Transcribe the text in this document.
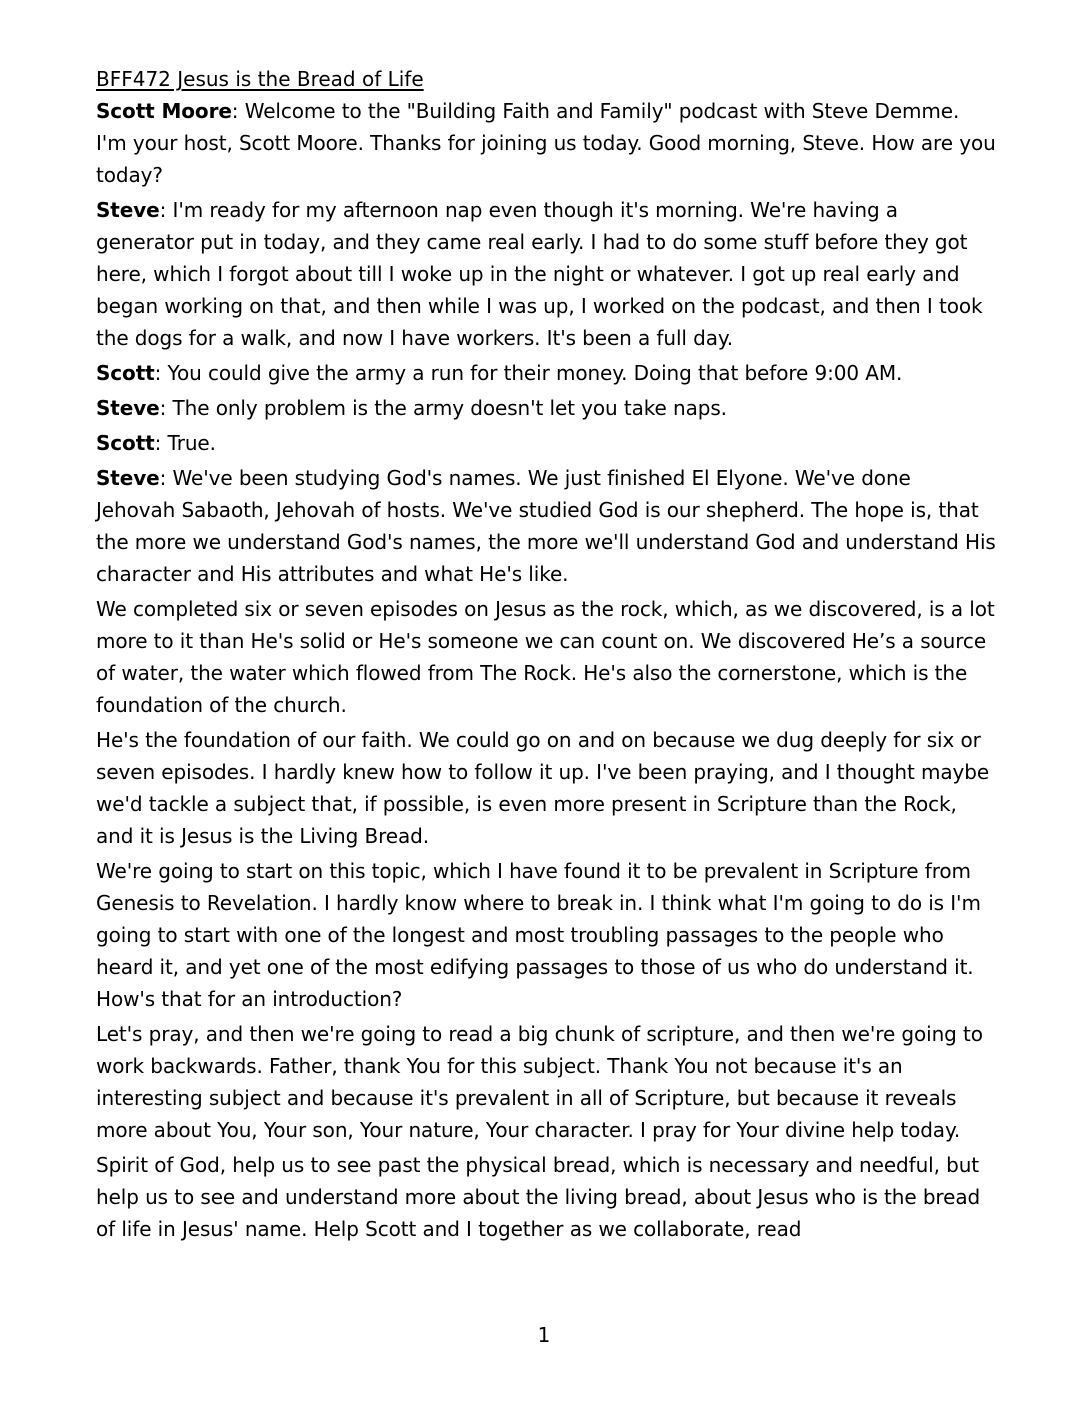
BFF472 Jesus is the Bread of Life

Scott Moore: Welcome to the "Building Faith and Family" podcast with Steve Demme. I'm your host, Scott Moore. Thanks for joining us today. Good morning, Steve. How are you today?

Steve: I'm ready for my afternoon nap even though it's morning. We're having a generator put in today, and they came real early. I had to do some stuff before they got here, which I forgot about till I woke up in the night or whatever. I got up real early and began working on that, and then while I was up, I worked on the podcast, and then I took the dogs for a walk, and now I have workers. It's been a full day.

Scott: You could give the army a run for their money. Doing that before 9:00 AM.

Steve: The only problem is the army doesn't let you take naps.

Scott: True.

Steve: We've been studying God's names. We just finished El Elyone. We've done Jehovah Sabaoth, Jehovah of hosts. We've studied God is our shepherd. The hope is, that the more we understand God's names, the more we'll understand God and understand His character and His attributes and what He's like.

We completed six or seven episodes on Jesus as the rock, which, as we discovered, is a lot more to it than He's solid or He's someone we can count on. We discovered He’s a source of water, the water which flowed from The Rock. He's also the cornerstone, which is the foundation of the church.

He's the foundation of our faith. We could go on and on because we dug deeply for six or seven episodes. I hardly knew how to follow it up. I've been praying, and I thought maybe we'd tackle a subject that, if possible, is even more present in Scripture than the Rock, and it is Jesus is the Living Bread.

We're going to start on this topic, which I have found it to be prevalent in Scripture from Genesis to Revelation. I hardly know where to break in. I think what I'm going to do is I'm going to start with one of the longest and most troubling passages to the people who heard it, and yet one of the most edifying passages to those of us who do understand it. How's that for an introduction?

Let's pray, and then we're going to read a big chunk of scripture, and then we're going to work backwards. Father, thank You for this subject. Thank You not because it's an interesting subject and because it's prevalent in all of Scripture, but because it reveals more about You, Your son, Your nature, Your character. I pray for Your divine help today.

Spirit of God, help us to see past the physical bread, which is necessary and needful, but help us to see and understand more about the living bread, about Jesus who is the bread of life in Jesus' name. Help Scott and I together as we collaborate, read

1
